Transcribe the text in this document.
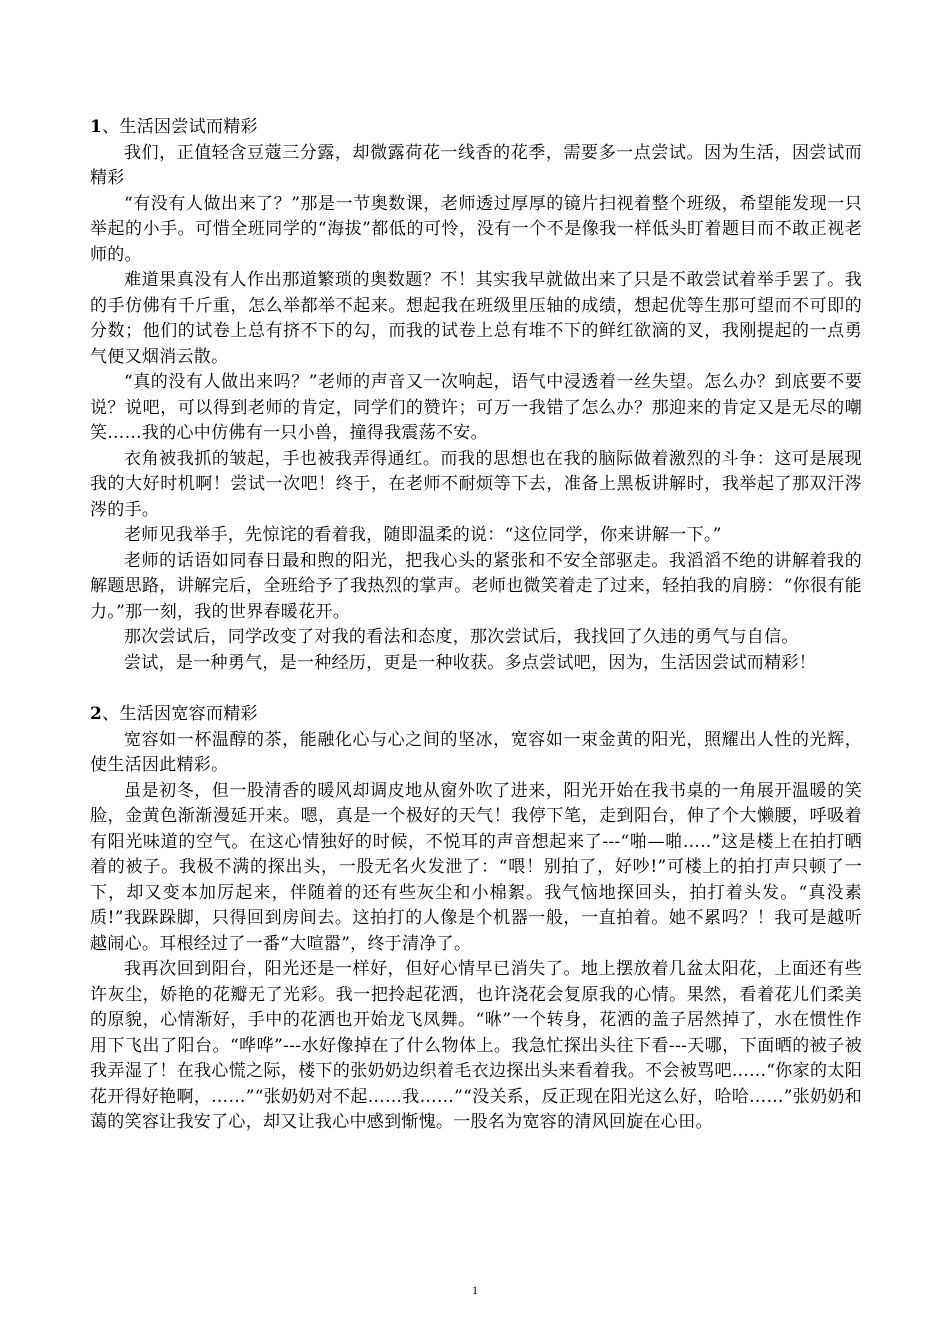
1、生活因尝试而精彩

我们，正值轻含豆蔻三分露，却微露荷花一线香的花季，需要多一点尝试。因为生活，因尝试而精彩

“有没有人做出来了？”那是一节奥数课，老师透过厚厚的镜片扫视着整个班级，希望能发现一只举起的小手。可惜全班同学的“海拔”都低的可怜，没有一个不是像我一样低头盯着题目而不敢正视老师的。

难道果真没有人作出那道繁琐的奥数题？不！其实我早就做出来了只是不敢尝试着举手罢了。我的手仿佛有千斤重，怎么举都举不起来。想起我在班级里压轴的成绩，想起优等生那可望而不可即的分数；他们的试卷上总有挤不下的勾，而我的试卷上总有堆不下的鲜红欲滴的叉，我刚提起的一点勇气便又烟消云散。

“真的没有人做出来吗？”老师的声音又一次响起，语气中浸透着一丝失望。怎么办？到底要不要说？说吧，可以得到老师的肯定，同学们的赞许；可万一我错了怎么办？那迎来的肯定又是无尽的嘲笑……我的心中仿佛有一只小兽，撞得我震荡不安。

衣角被我抓的皱起，手也被我弄得通红。而我的思想也在我的脑际做着激烈的斗争：这可是展现我的大好时机啊！尝试一次吧！终于，在老师不耐烦等下去，准备上黑板讲解时，我举起了那双汗涔涔的手。

老师见我举手，先惊诧的看着我，随即温柔的说：“这位同学，你来讲解一下。”

老师的话语如同春日最和煦的阳光，把我心头的紧张和不安全部驱走。我滔滔不绝的讲解着我的解题思路，讲解完后，全班给予了我热烈的掌声。老师也微笑着走了过来，轻拍我的肩膀：“你很有能力。”那一刻，我的世界春暖花开。

那次尝试后，同学改变了对我的看法和态度，那次尝试后，我找回了久违的勇气与自信。

尝试，是一种勇气，是一种经历，更是一种收获。多点尝试吧，因为，生活因尝试而精彩！

2、生活因宽容而精彩

宽容如一杯温醇的茶，能融化心与心之间的坚冰，宽容如一束金黄的阳光，照耀出人性的光辉，使生活因此精彩。

虽是初冬，但一股清香的暖风却调皮地从窗外吹了进来，阳光开始在我书桌的一角展开温暖的笑脸，金黄色渐渐漫延开来。嗯，真是一个极好的天气！我停下笔，走到阳台，伸了个大懒腰，呼吸着有阳光味道的空气。在这心情独好的时候，不悦耳的声音想起来了---“啪—啪…..”这是楼上在拍打晒着的被子。我极不满的探出头，一股无名火发泄了：“喂！别拍了，好吵!”可楼上的拍打声只顿了一下，却又变本加厉起来，伴随着的还有些灰尘和小棉絮。我气恼地探回头，拍打着头发。“真没素质!”我跺跺脚，只得回到房间去。这拍打的人像是个机器一般，一直拍着。她不累吗？！我可是越听越闹心。耳根经过了一番“大喧嚣”，终于清净了。

我再次回到阳台，阳光还是一样好，但好心情早已消失了。地上摆放着几盆太阳花，上面还有些许灰尘，娇艳的花瓣无了光彩。我一把拎起花洒，也许浇花会复原我的心情。果然，看着花儿们柔美的原貌，心情渐好，手中的花洒也开始龙飞凤舞。“咻”一个转身，花洒的盖子居然掉了，水在惯性作用下飞出了阳台。“哗哗”---水好像掉在了什么物体上。我急忙探出头往下看---天哪，下面晒的被子被我弄湿了！在我心慌之际，楼下的张奶奶边织着毛衣边探出头来看着我。不会被骂吧…...“你家的太阳花开得好艳啊，……”“张奶奶对不起……我……”“没关系，反正现在阳光这么好，哈哈……”张奶奶和蔼的笑容让我安了心，却又让我心中感到惭愧。一股名为宽容的清风回旋在心田。

1
